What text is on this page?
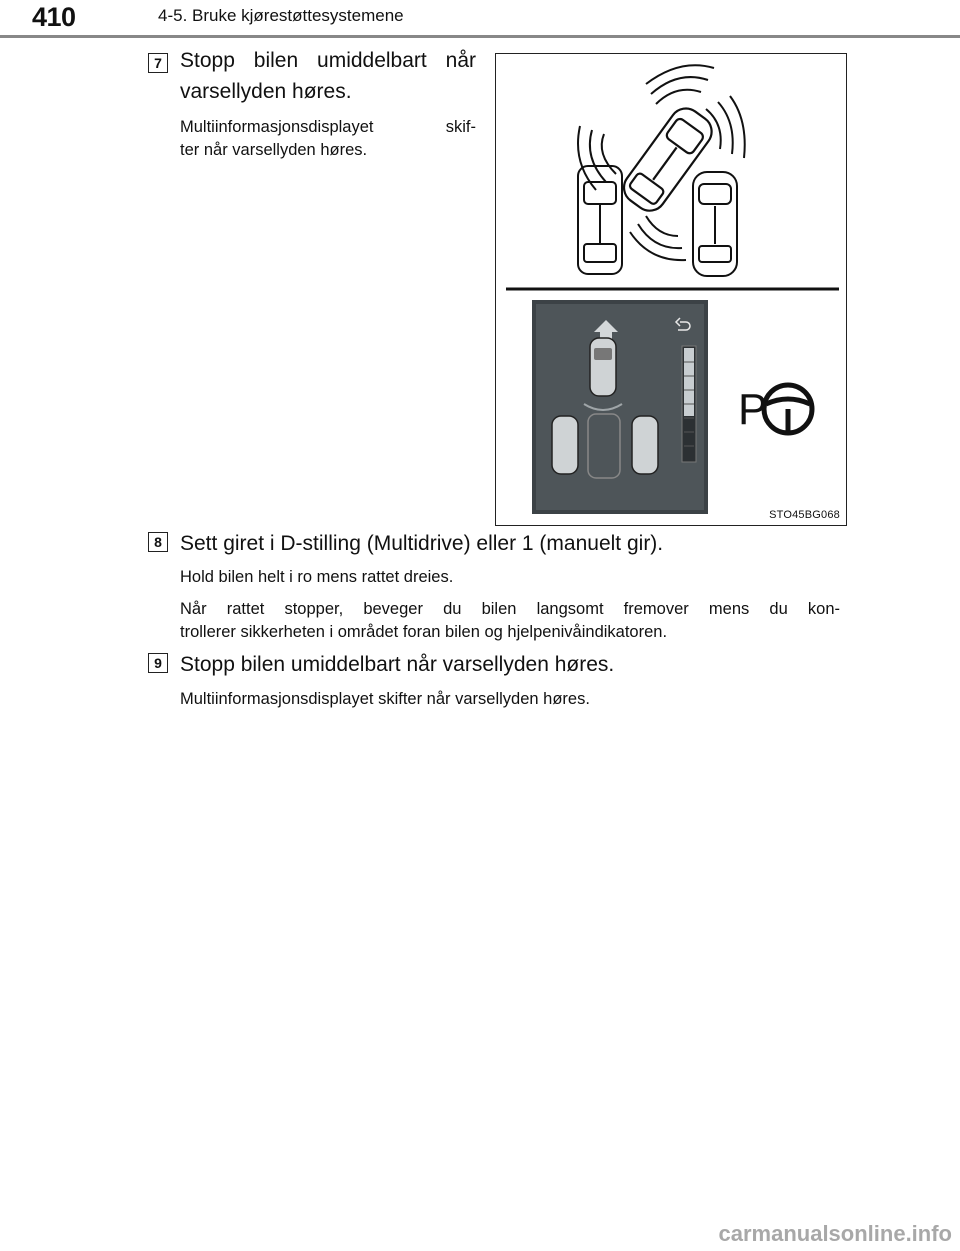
410	4-5. Bruke kjørestøttesystemene
7 Stopp bilen umiddelbart når
varsellyden høres.
Multiinformasjonsdisplayet skif-
ter når varsellyden høres.
P
STO45BG068
8 Sett giret i D-stilling (Multidrive) eller 1 (manuelt gir).
Hold bilen helt i ro mens rattet dreies.
Når rattet stopper, beveger du bilen langsomt fremover mens du kon-
trollerer sikkerheten i området foran bilen og hjelpenivåindikatoren.
9 Stopp bilen umiddelbart når varsellyden høres.
Multiinformasjonsdisplayet skifter når varsellyden høres.
carmanualsonline.info
